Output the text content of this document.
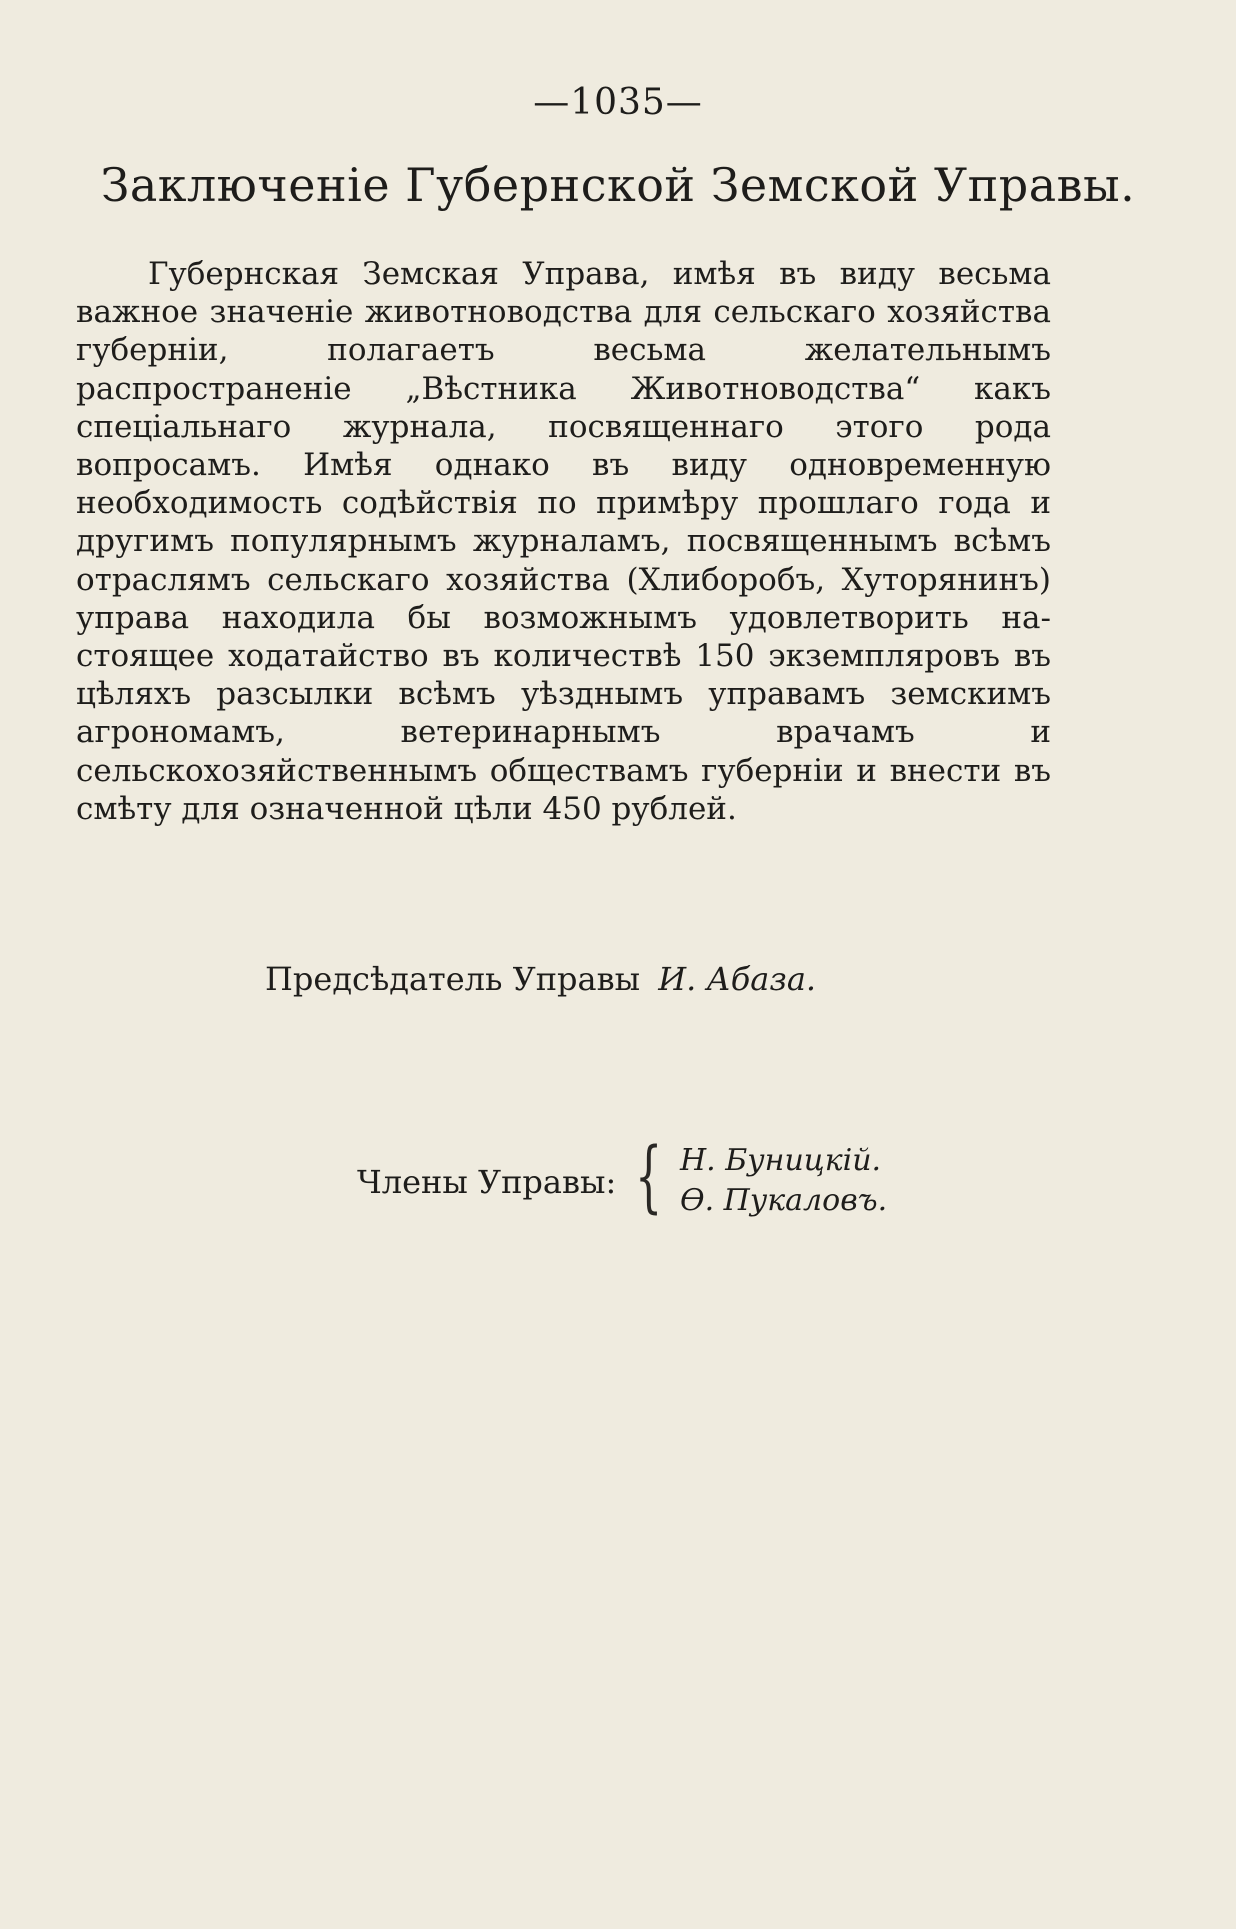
—1035—
Заключеніе Губернской Земской Управы.

Губернская Земская Управа, имѣя въ виду весьма важное значеніе животноводства для сельскаго хозяйства губерніи, полагаетъ весьма желательнымъ распространеніе „Вѣстника Животноводства“ какъ спеціальнаго журнала, посвященнаго этого рода вопросамъ. Имѣя однако въ виду одновременную необходимость содѣйствія по примѣру прошлаго года и другимъ популярнымъ журналамъ, посвященнымъ всѣмъ отраслямъ сельскаго хозяйства (Хлиборобъ, Хуторянинъ) управа находила бы возможнымъ удовлетворить настоящее ходатайство въ количествѣ 150 экземпляровъ въ цѣляхъ разсылки всѣмъ уѣзднымъ управамъ земскимъ агрономамъ, ветеринарнымъ врачамъ и сельскохозяйственнымъ обществамъ губерніи и внести въ смѣту для означенной цѣли 450 рублей.

Предсѣдатель Управы И. Абаза.
Члены Управы: { Н. Буницкій.
Ѳ. Пукаловъ.
